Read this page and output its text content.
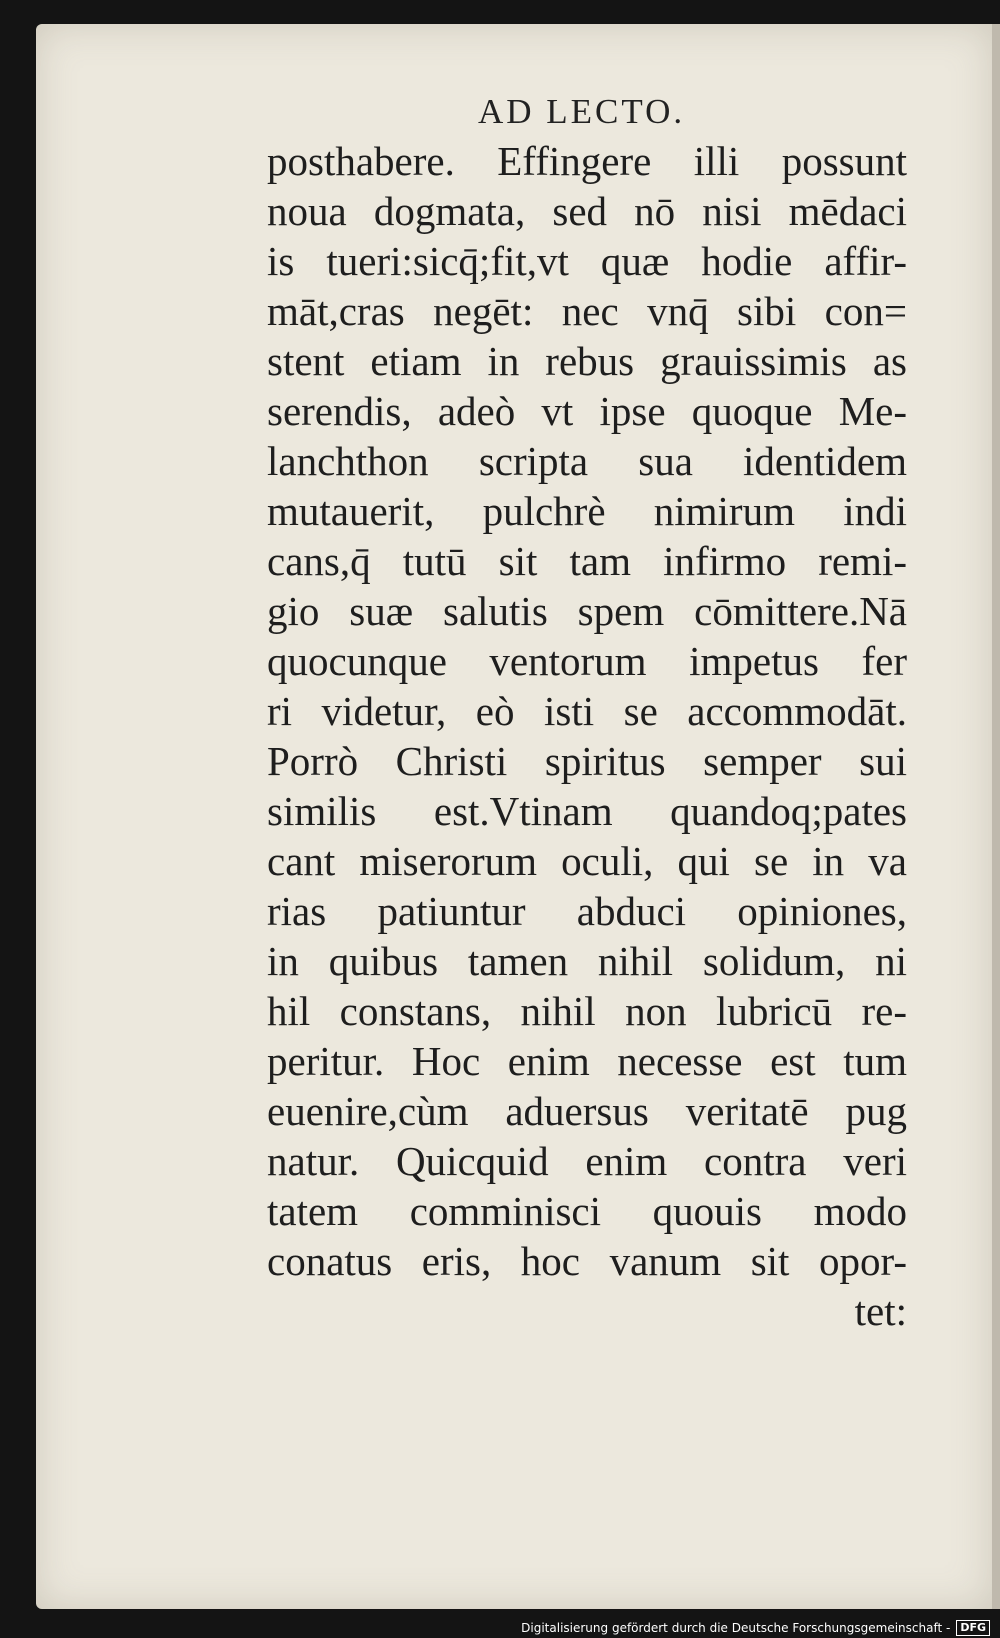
AD LECTO.
posthabere. Effingere illi possunt
noua dogmata, sed nō nisi mēdaci
is tueri:sicq̄;fit,vt quæ hodie affir-
māt,cras negēt: nec vnq̄ sibi con=
stent etiam in rebus grauissimis as
serendis, adeò vt ipse quoque Me-
lanchthon scripta sua identidem
mutauerit, pulchrè nimirum indi
cans,q̄ tutū sit tam infirmo remi-
gio suæ salutis spem cōmittere.Nā
quocunque ventorum impetus fer
ri videtur, eò isti se accommodāt.
Porrò Christi spiritus semper sui
similis est.Vtinam quandoq;pates
cant miserorum oculi, qui se in va
rias patiuntur abduci opiniones,
in quibus tamen nihil solidum, ni
hil constans, nihil non lubricū re-
peritur. Hoc enim necesse est tum
euenire,cùm aduersus veritatē pug
natur. Quicquid enim contra veri
tatem comminisci quouis modo
conatus eris, hoc vanum sit opor-
tet:
Digitalisierung gefördert durch die Deutsche Forschungsgemeinschaft - DFG
